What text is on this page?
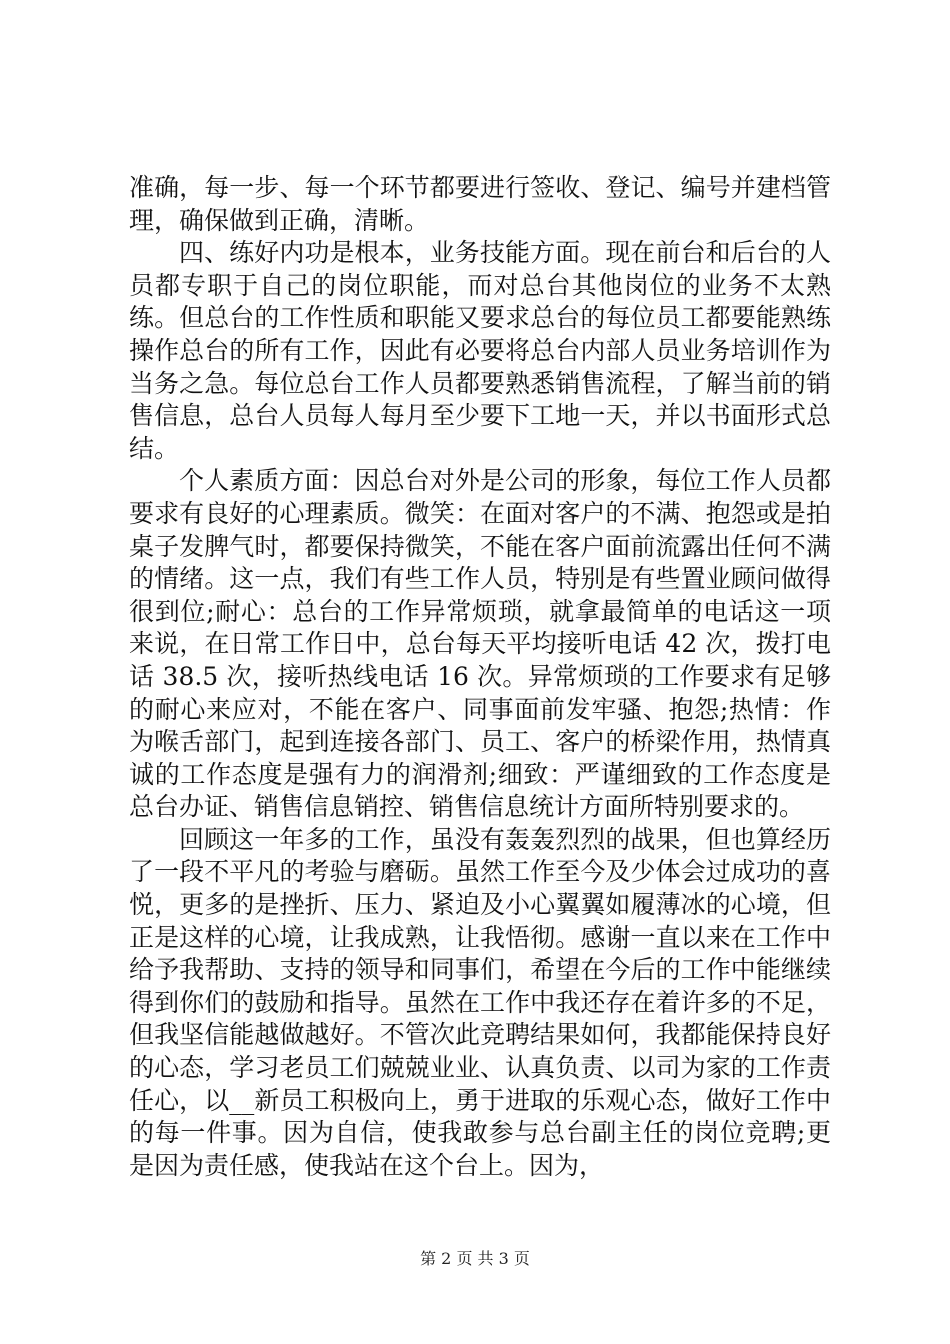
准确，每一步、每一个环节都要进行签收、登记、编号并建档管理，确保做到正确，清晰。

四、练好内功是根本，业务技能方面。现在前台和后台的人员都专职于自己的岗位职能，而对总台其他岗位的业务不太熟练。但总台的工作性质和职能又要求总台的每位员工都要能熟练操作总台的所有工作，因此有必要将总台内部人员业务培训作为当务之急。每位总台工作人员都要熟悉销售流程，了解当前的销售信息，总台人员每人每月至少要下工地一天，并以书面形式总结。

个人素质方面：因总台对外是公司的形象，每位工作人员都要求有良好的心理素质。微笑：在面对客户的不满、抱怨或是拍桌子发脾气时，都要保持微笑，不能在客户面前流露出任何不满的情绪。这一点，我们有些工作人员，特别是有些置业顾问做得很到位;耐心：总台的工作异常烦琐，就拿最简单的电话这一项来说，在日常工作日中，总台每天平均接听电话 42 次，拨打电话 38.5 次，接听热线电话 16 次。异常烦琐的工作要求有足够的耐心来应对，不能在客户、同事面前发牢骚、抱怨;热情：作为喉舌部门，起到连接各部门、员工、客户的桥梁作用，热情真诚的工作态度是强有力的润滑剂;细致：严谨细致的工作态度是总台办证、销售信息销控、销售信息统计方面所特别要求的。

回顾这一年多的工作，虽没有轰轰烈烈的战果，但也算经历了一段不平凡的考验与磨砺。虽然工作至今及少体会过成功的喜悦，更多的是挫折、压力、紧迫及小心翼翼如履薄冰的心境，但正是这样的心境，让我成熟，让我悟彻。感谢一直以来在工作中给予我帮助、支持的领导和同事们，希望在今后的工作中能继续得到你们的鼓励和指导。虽然在工作中我还存在着许多的不足，但我坚信能越做越好。不管次此竞聘结果如何，我都能保持良好的心态，学习老员工们兢兢业业、认真负责、以司为家的工作责任心，以__新员工积极向上，勇于进取的乐观心态，做好工作中的每一件事。因为自信，使我敢参与总台副主任的岗位竞聘;更是因为责任感，使我站在这个台上。因为，

第 2 页 共 3 页
